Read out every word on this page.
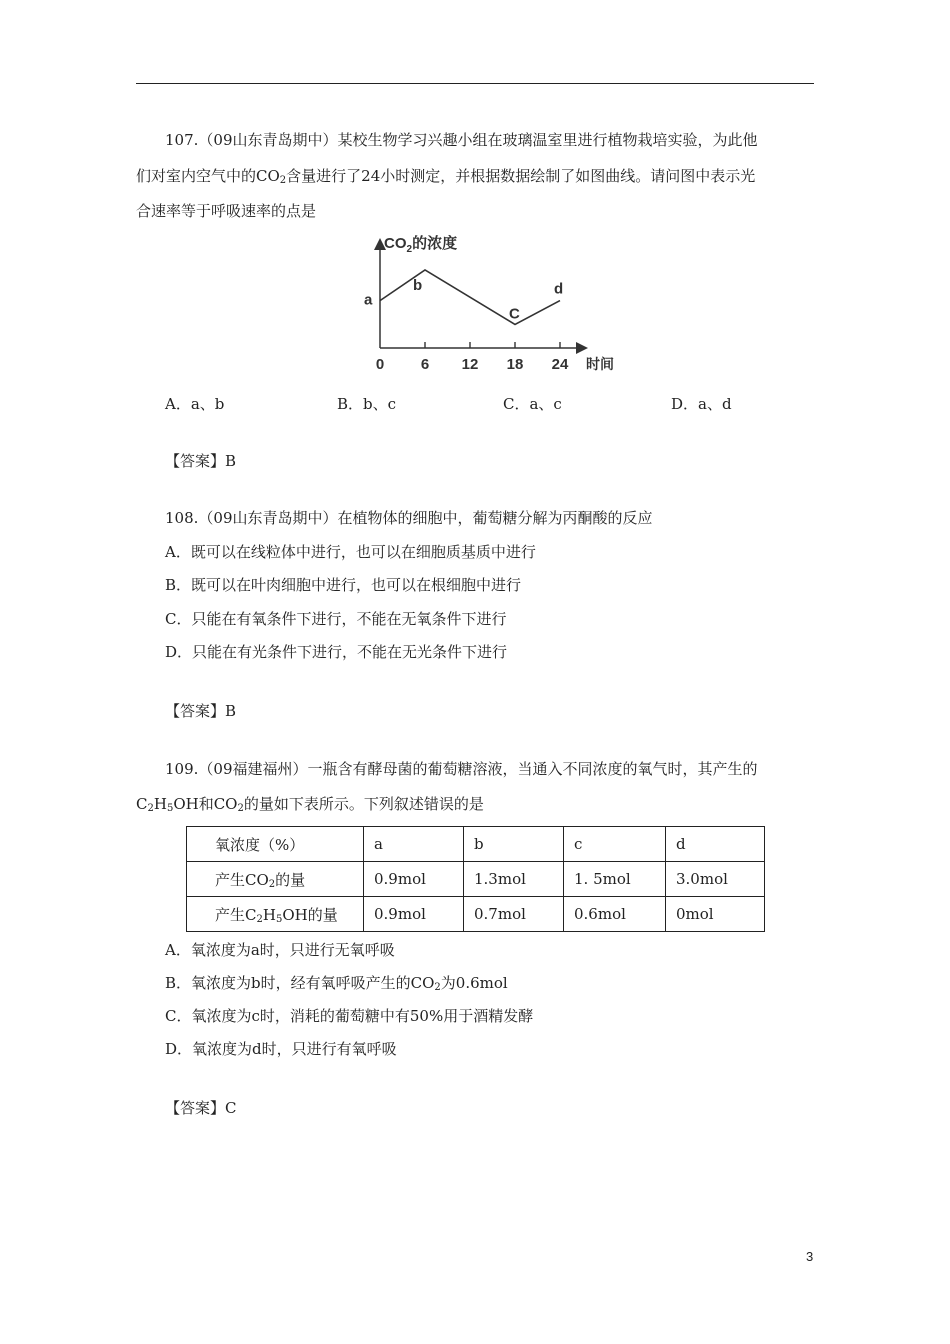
107.（09山东青岛期中）某校生物学习兴趣小组在玻璃温室里进行植物栽培实验，为此他
们对室内空气中的$CO_2$含量进行了24小时测定，并根据数据绘制了如图曲线。请问图中表示光
合速率等于呼吸速率的点是
$CO_2$的浓度
时间
0 6 12 18 24
a
b
C
d
A．a、b	B．b、c	C．a、c	D．a、d
【答案】B
108.（09山东青岛期中）在植物体的细胞中，葡萄糖分解为丙酮酸的反应
A．既可以在线粒体中进行，也可以在细胞质基质中进行
B．既可以在叶肉细胞中进行，也可以在根细胞中进行
C．只能在有氧条件下进行，不能在无氧条件下进行
D．只能在有光条件下进行，不能在无光条件下进行
【答案】B
109.（09福建福州）一瓶含有酵母菌的葡萄糖溶液，当通入不同浓度的氧气时，其产生的
$C_2H_5OH$和$CO_2$的量如下表所示。下列叙述错误的是
氧浓度（%）	a	b	c	d
产生$CO_2$的量	0.9mol	1.3mol	1. 5mol	3.0mol
产生$C_2H_5OH$的量	0.9mol	0.7mol	0.6mol	0mol
A．氧浓度为a时，只进行无氧呼吸
B．氧浓度为b时，经有氧呼吸产生的$CO_2$为0.6mol
C．氧浓度为c时，消耗的葡萄糖中有50%用于酒精发酵
D．氧浓度为d时，只进行有氧呼吸
【答案】C
3
